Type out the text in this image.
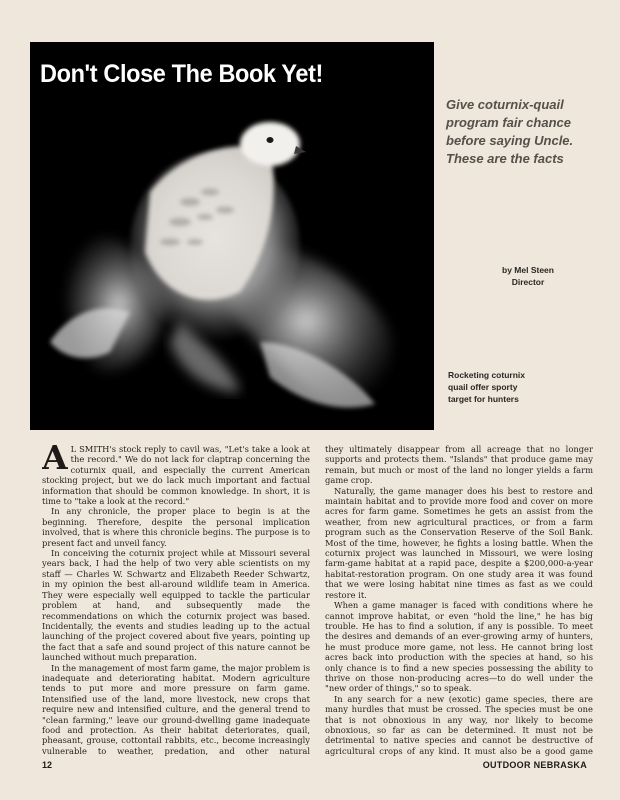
Don't Close The Book Yet!
Give coturnix-quail
program fair chance
before saying Uncle.
These are the facts
by Mel Steen
Director
Rocketing coturnix
quail offer sporty
target for hunters

A L SMITH's stock reply to cavil was, "Let's take a look at the record." We do not lack for claptrap concerning the coturnix quail, and especially the current American stocking project, but we do lack much important and factual information that should be common knowledge. In short, it is time to "take a look at the record."

In any chronicle, the proper place to begin is at the beginning. Therefore, despite the personal implication involved, that is where this chronicle begins. The purpose is to present fact and unveil fancy.

In conceiving the coturnix project while at Missouri several years back, I had the help of two very able scientists on my staff — Charles W. Schwartz and Elizabeth Reeder Schwartz, in my opinion the best all-around wildlife team in America. They were especially well equipped to tackle the particular problem at hand, and subsequently made the recommendations on which the coturnix project was based. Incidentally, the events and studies leading up to the actual launching of the project covered about five years, pointing up the fact that a safe and sound project of this nature cannot be launched without much preparation.

In the management of most farm game, the major problem is inadequate and deteriorating habitat. Modern agriculture tends to put more and more pressure on farm game. Intensified use of the land, more livestock, new crops that require new and intensified culture, and the general trend to "clean farming," leave our ground-dwelling game inadequate food and protection. As their habitat deteriorates, quail, pheasant, grouse, cottontail rabbits, etc., become increasingly vulnerable to weather, predation, and other natural

they ultimately disappear from all acreage that no longer supports and protects them. "Islands" that produce game may remain, but much or most of the land no longer yields a farm game crop.

Naturally, the game manager does his best to restore and maintain habitat and to provide more food and cover on more acres for farm game. Sometimes he gets an assist from the weather, from new agricultural practices, or from a farm program such as the Conservation Reserve of the Soil Bank. Most of the time, however, he fights a losing battle. When the coturnix project was launched in Missouri, we were losing farm-game habitat at a rapid pace, despite a $200,000-a-year habitat-restoration program. On one study area it was found that we were losing habitat nine times as fast as we could restore it.

When a game manager is faced with conditions where he cannot improve habitat, or even "hold the line," he has big trouble. He has to find a solution, if any is possible. To meet the desires and demands of an ever-growing army of hunters, he must produce more game, not less. He cannot bring lost acres back into production with the species at hand, so his only chance is to find a new species possessing the ability to thrive on those non-producing acres—to do well under the "new order of things," so to speak.

In any search for a new (exotic) game species, there are many hurdles that must be crossed. The species must be one that is not obnoxious in any way, nor likely to become obnoxious, so far as can be determined. It must not be detrimental to native species and cannot be destructive of agricultural crops of any kind. It must also be a good game

12	OUTDOOR NEBRASKA
